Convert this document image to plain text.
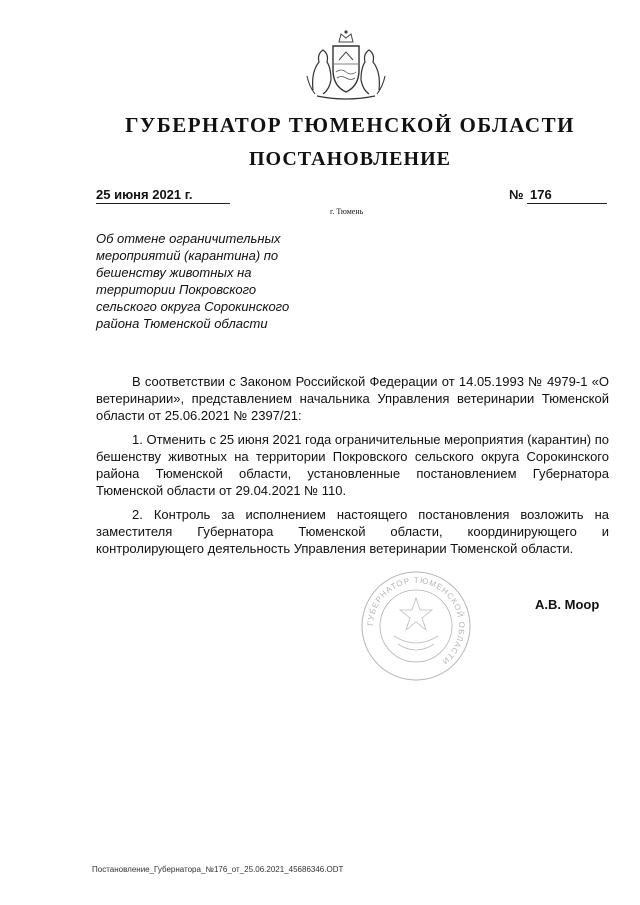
ГУБЕРНАТОР ТЮМЕНСКОЙ ОБЛАСТИ
ПОСТАНОВЛЕНИЕ
25 июня 2021 г.	№ 176
г. Тюмень

Об отмене ограничительных мероприятий (карантина) по бешенству животных на территории Покровского сельского округа Сорокинского района Тюменской области

В соответствии с Законом Российской Федерации от 14.05.1993 № 4979-1 «О ветеринарии», представлением начальника Управления ветеринарии Тюменской области от 25.06.2021 № 2397/21:

1. Отменить с 25 июня 2021 года ограничительные мероприятия (карантин) по бешенству животных на территории Покровского сельского округа Сорокинского района Тюменской области, установленные постановлением Губернатора Тюменской области от 29.04.2021 № 110.

2. Контроль за исполнением настоящего постановления возложить на заместителя Губернатора Тюменской области, координирующего и контролирующего деятельность Управления ветеринарии Тюменской области.

ГУБЕРНАТОР ТЮМЕНСКОЙ ОБЛАСТИ
А.В. Моор
Постановление_Губернатора_№176_от_25.06.2021_45686346.ODT
